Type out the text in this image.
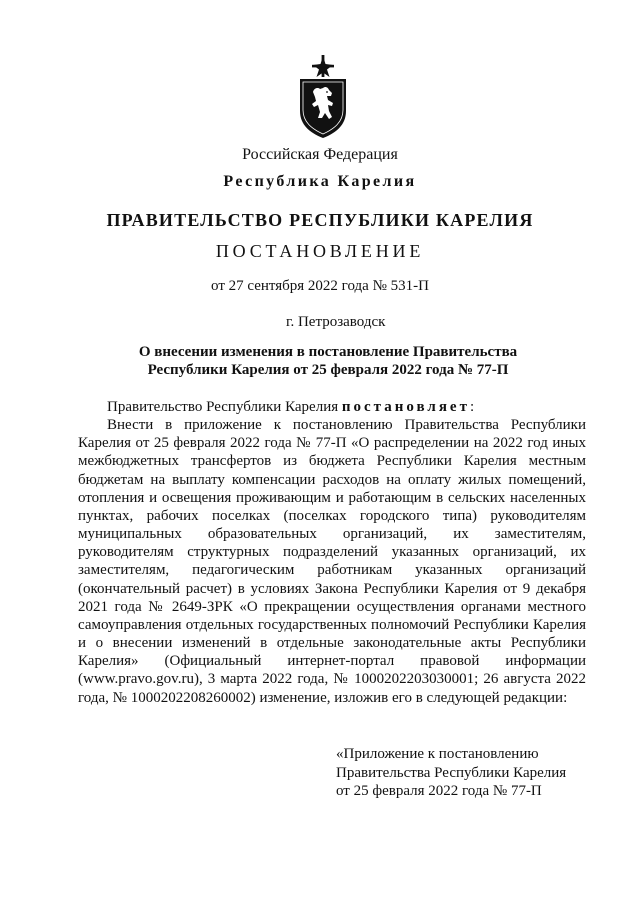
Российская Федерация
Республика Карелия
ПРАВИТЕЛЬСТВО РЕСПУБЛИКИ КАРЕЛИЯ
ПОСТАНОВЛЕНИЕ
от 27 сентября 2022 года № 531-П
г. Петрозаводск
О внесении изменения в постановление Правительства
Республики Карелия от 25 февраля 2022 года № 77-П

Правительство Республики Карелия постановляет:

Внести в приложение к постановлению Правительства Республики Карелия от 25 февраля 2022 года № 77-П «О распределении на 2022 год иных межбюджетных трансфертов из бюджета Республики Карелия местным бюджетам на выплату компенсации расходов на оплату жилых помещений, отопления и освещения проживающим и работающим в сельских населенных пунктах, рабочих поселках (поселках городского типа) руководителям муниципальных образовательных организаций, их заместителям, руководителям структурных подразделений указанных организаций, их заместителям, педагогическим работникам указанных организаций (окончательный расчет) в условиях Закона Республики Карелия от 9 декабря 2021 года № 2649-ЗРК «О прекращении осуществления органами местного самоуправления отдельных государственных полномочий Республики Карелия и о внесении изменений в отдельные законодательные акты Республики Карелия» (Официальный интернет-портал правовой информации (www.pravo.gov.ru), 3 марта 2022 года, № 1000202203030001; 26 августа 2022 года, № 1000202208260002) изменение, изложив его в следующей редакции:

«Приложение к постановлению
Правительства Республики Карелия
от 25 февраля 2022 года № 77-П
